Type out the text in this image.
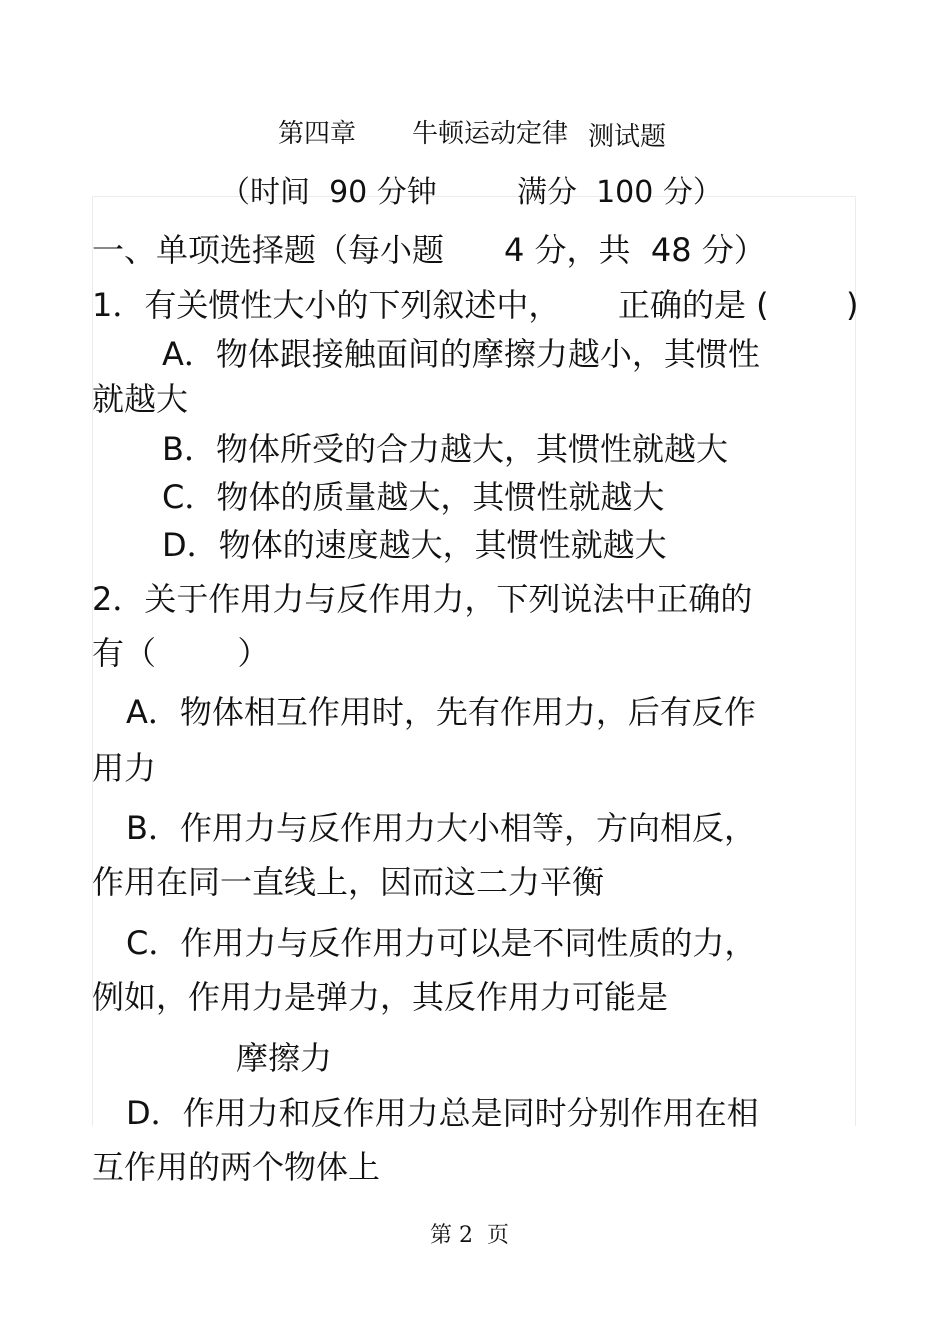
第四章 牛顿运动定律 测试题
（ 时间  90 分钟	满分  100 分）
一、单项选择题（每小题 4 分，共  48 分）
1．有关惯性大小的下列叙述中， 正确的是 ( )
A．物体跟接触面间的摩擦力越小，其惯性
就越大
B．物体所受的合力越大，其惯性就越大
C．物体的质量越大，其惯性就越大
D．物体的速度越大，其惯性就越大
2．关于作用力与反作用力，下列说法中正确的
有（        ）
A．物体相互作用时，先有作用力，后有反作
用力
B．作用力与反作用力大小相等，方向相反，
作用在同一直线上，因而这二力平衡
C．作用力与反作用力可以是不同性质的力，
例如，作用力是弹力，其反作用力可能是
摩擦力
D．作用力和反作用力总是同时分别作用在相
互作用的两个物体上
第 2  页
